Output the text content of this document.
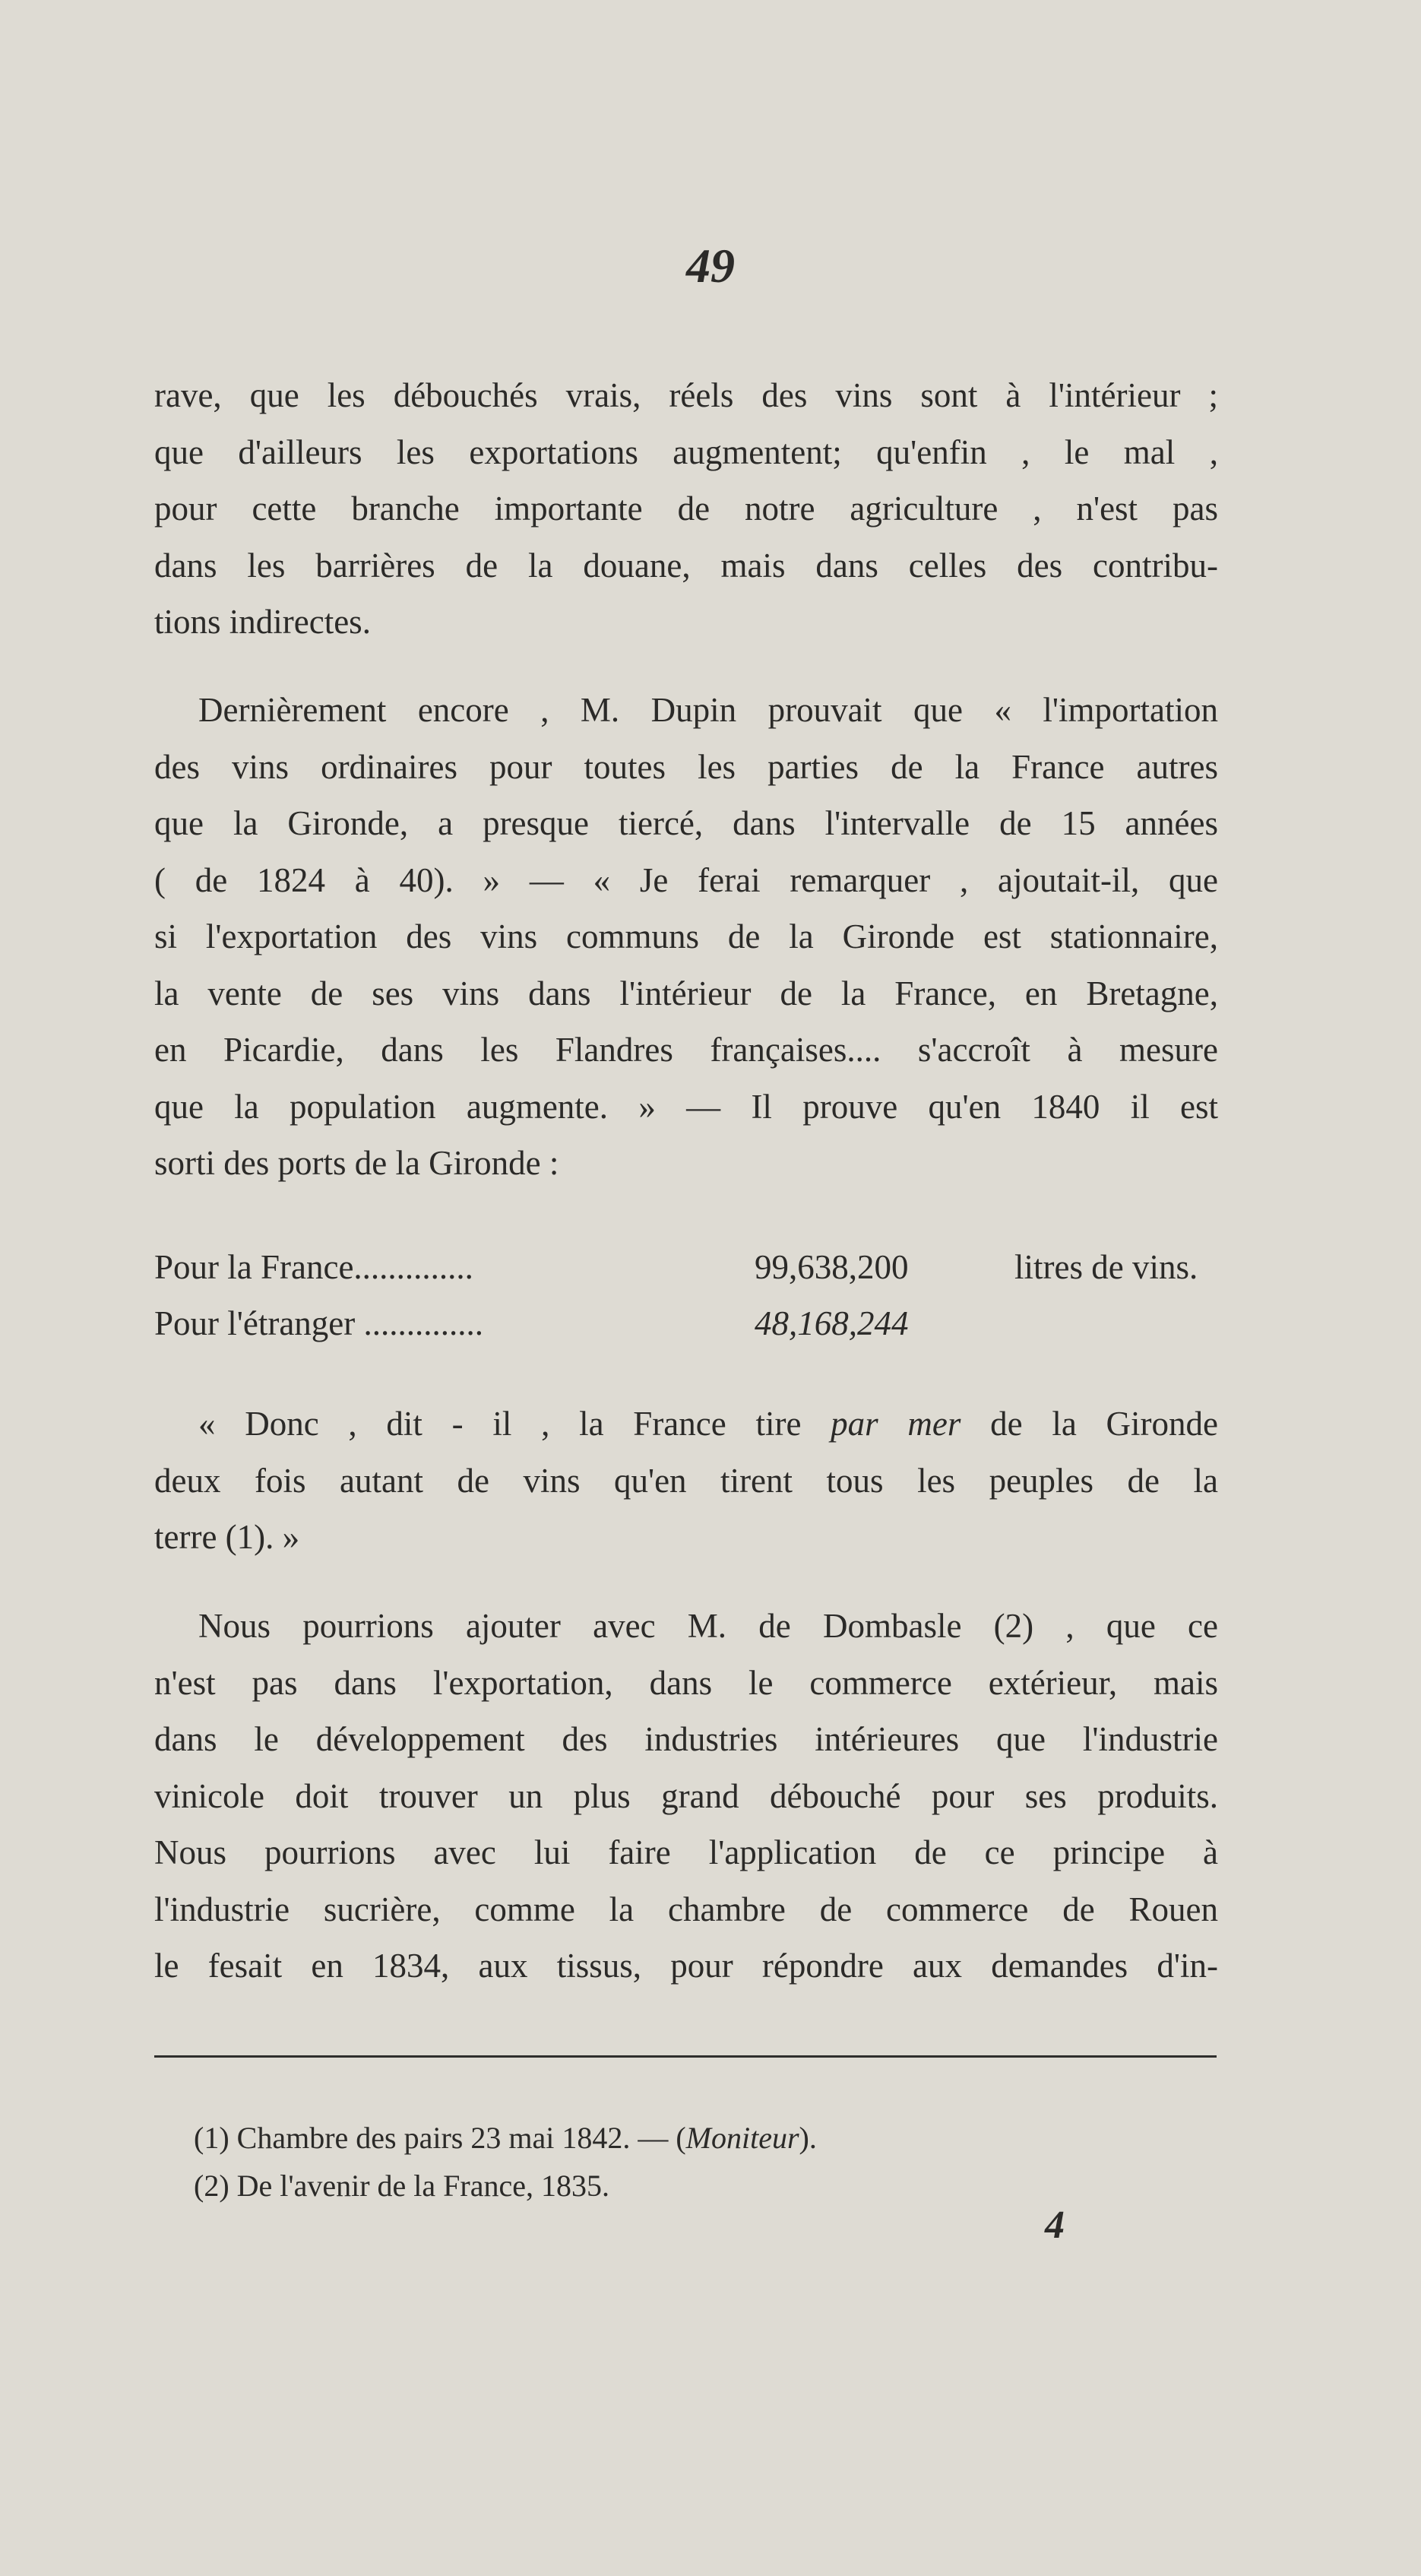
49

rave, que les débouchés vrais, réels des vins sont à l'intérieur ;

que d'ailleurs les exportations augmentent; qu'enfin , le mal ,

pour cette branche importante de notre agriculture , n'est pas

dans les barrières de la douane, mais dans celles des contribu-

tions indirectes.

Dernièrement encore , M. Dupin prouvait que « l'importation

des vins ordinaires pour toutes les parties de la France autres

que la Gironde, a presque tiercé, dans l'intervalle de 15 années

( de 1824 à 40). » — « Je ferai remarquer , ajoutait-il, que

si l'exportation des vins communs de la Gironde est stationnaire,

la vente de ses vins dans l'intérieur de la France, en Bretagne,

en Picardie, dans les Flandres françaises.... s'accroît à mesure

que la population augmente. » — Il prouve qu'en 1840 il est

sorti des ports de la Gironde :

Pour la France..............	99,638,200	litres de vins.
Pour l'étranger ..............	48,168,244

« Donc , dit - il , la France tire par mer de la Gironde

deux fois autant de vins qu'en tirent tous les peuples de la

terre (1). »

Nous pourrions ajouter avec M. de Dombasle (2) , que ce

n'est pas dans l'exportation, dans le commerce extérieur, mais

dans le développement des industries intérieures que l'industrie

vinicole doit trouver un plus grand débouché pour ses produits.

Nous pourrions avec lui faire l'application de ce principe à

l'industrie sucrière, comme la chambre de commerce de Rouen

le fesait en 1834, aux tissus, pour répondre aux demandes d'in-

(1) Chambre des pairs 23 mai 1842. — (Moniteur).
(2) De l'avenir de la France, 1835.
4
